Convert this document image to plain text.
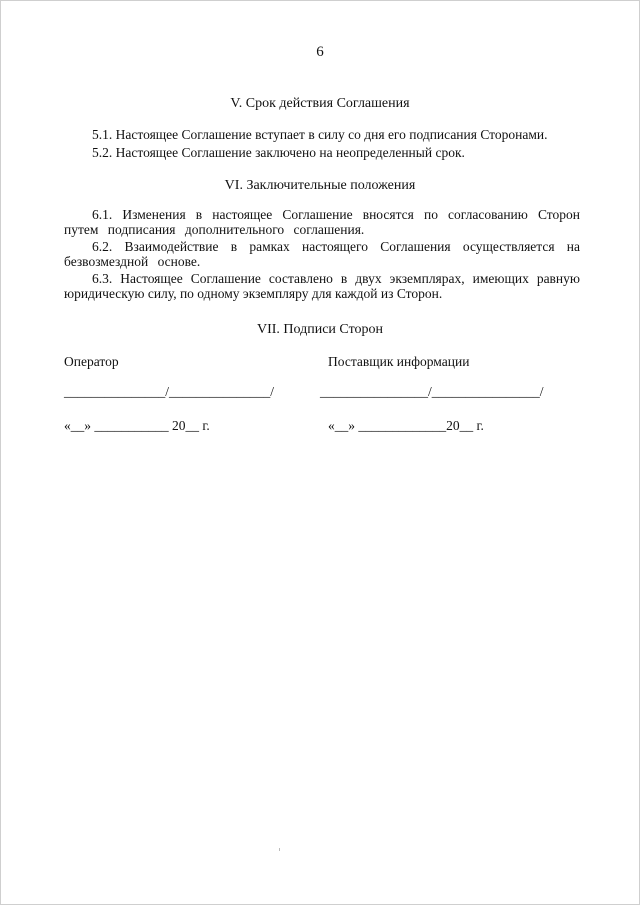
6
V. Срок действия Соглашения
5.1. Настоящее Соглашение вступает в силу со дня его подписания Сторонами.
5.2. Настоящее Соглашение заключено на неопределенный срок.
VI. Заключительные положения
6.1. Изменения в настоящее Соглашение вносятся по согласованию Сторон путем подписания дополнительного соглашения.
6.2. Взаимодействие в рамках настоящего Соглашения осуществляется на безвозмездной основе.
6.3. Настоящее Соглашение составлено в двух экземплярах, имеющих равную юридическую силу, по одному экземпляру для каждой из Сторон.
VII. Подписи Сторон
Оператор	Поставщик информации
_______________/_______________/	________________/________________/
«__» ___________ 20__ г.	«__» _____________20__ г.
